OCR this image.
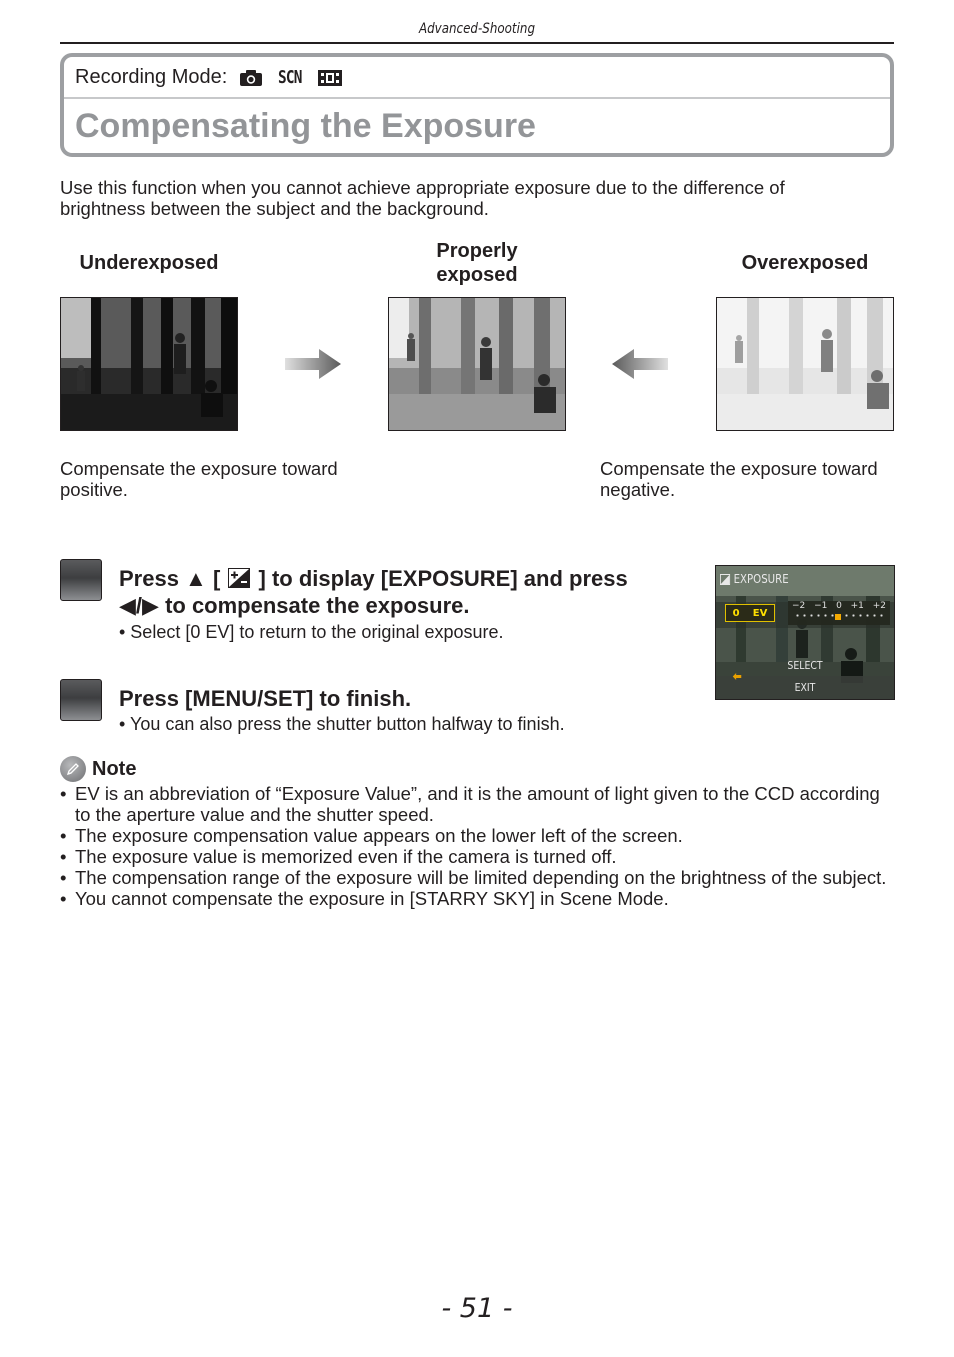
Advanced-Shooting
Recording Mode:	SCN
Compensating the Exposure
Use this function when you cannot achieve appropriate exposure due to the difference of brightness between the subject and the background.
Underexposed
Properly
exposed
Overexposed
Compensate the exposure toward positive.
Compensate the exposure toward negative.
Press ▲ [ ] to display [EXPOSURE] and press
◀/▶ to compensate the exposure.
• Select [0 EV] to return to the original exposure.
EXPOSURE
0 EV
−2 −1 0 +1 +2
SELECT
EXIT
Press [MENU/SET] to finish.
• You can also press the shutter button halfway to finish.
Note
• EV is an abbreviation of “Exposure Value”, and it is the amount of light given to the CCD according to the aperture value and the shutter speed.
• The exposure compensation value appears on the lower left of the screen.
• The exposure value is memorized even if the camera is turned off.
• The compensation range of the exposure will be limited depending on the brightness of the subject.
• You cannot compensate the exposure in [STARRY SKY] in Scene Mode.
- 51 -
